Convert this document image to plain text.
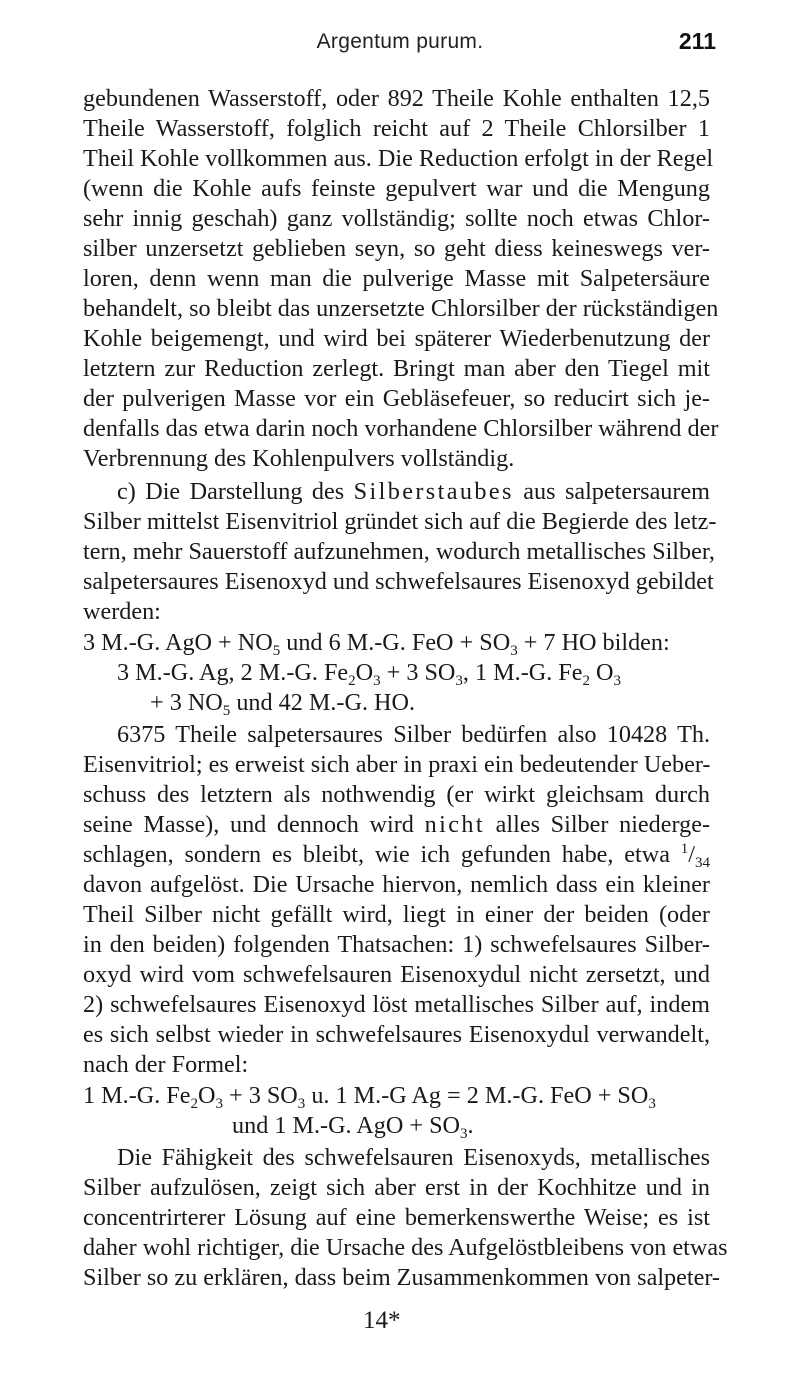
Argentum purum.	211
gebundenen Wasserstoff, oder 892 Theile Kohle enthalten 12,5
Theile Wasserstoff, folglich reicht auf 2 Theile Chlorsilber 1
Theil Kohle vollkommen aus. Die Reduction erfolgt in der Regel
(wenn die Kohle aufs feinste gepulvert war und die Mengung
sehr innig geschah) ganz vollständig; sollte noch etwas Chlor-
silber unzersetzt geblieben seyn, so geht diess keineswegs ver-
loren, denn wenn man die pulverige Masse mit Salpetersäure
behandelt, so bleibt das unzersetzte Chlorsilber der rückständigen
Kohle beigemengt, und wird bei späterer Wiederbenutzung der
letztern zur Reduction zerlegt. Bringt man aber den Tiegel mit
der pulverigen Masse vor ein Gebläsefeuer, so reducirt sich je-
denfalls das etwa darin noch vorhandene Chlorsilber während der
Verbrennung des Kohlenpulvers vollständig.
c) Die Darstellung des Silberstaubes aus salpetersaurem
Silber mittelst Eisenvitriol gründet sich auf die Begierde des letz-
tern, mehr Sauerstoff aufzunehmen, wodurch metallisches Silber,
salpetersaures Eisenoxyd und schwefelsaures Eisenoxyd gebildet
werden:
3 M.-G. AgO + $NO_5$ und 6 M.-G. FeO + $SO_3 + 7$ HO bilden:
3 M.-G. Ag, 2 M.-G. $Fe_2O_3 + 3$ $SO_3$, 1 M.-G. $Fe_2$ $O_3$
+ 3 $NO_5$ und 42 M.-G. HO.
6375 Theile salpetersaures Silber bedürfen also 10428 Th.
Eisenvitriol; es erweist sich aber in praxi ein bedeutender Ueber-
schuss des letztern als nothwendig (er wirkt gleichsam durch
seine Masse), und dennoch wird nicht alles Silber niederge-
schlagen, sondern es bleibt, wie ich gefunden habe, etwa $^1/_{34}$
davon aufgelöst. Die Ursache hiervon, nemlich dass ein kleiner
Theil Silber nicht gefällt wird, liegt in einer der beiden (oder
in den beiden) folgenden Thatsachen: 1) schwefelsaures Silber-
oxyd wird vom schwefelsauren Eisenoxydul nicht zersetzt, und
2) schwefelsaures Eisenoxyd löst metallisches Silber auf, indem
es sich selbst wieder in schwefelsaures Eisenoxydul verwandelt,
nach der Formel:
1 M.-G. $Fe_2O_3 + 3$ $SO_3$ u. 1 M.-G Ag = 2 M.-G. FeO + $SO_3$
und 1 M.-G. AgO + $SO_3$.
Die Fähigkeit des schwefelsauren Eisenoxyds, metallisches
Silber aufzulösen, zeigt sich aber erst in der Kochhitze und in
concentrirterer Lösung auf eine bemerkenswerthe Weise; es ist
daher wohl richtiger, die Ursache des Aufgelöstbleibens von etwas
Silber so zu erklären, dass beim Zusammenkommen von salpeter-
14*
